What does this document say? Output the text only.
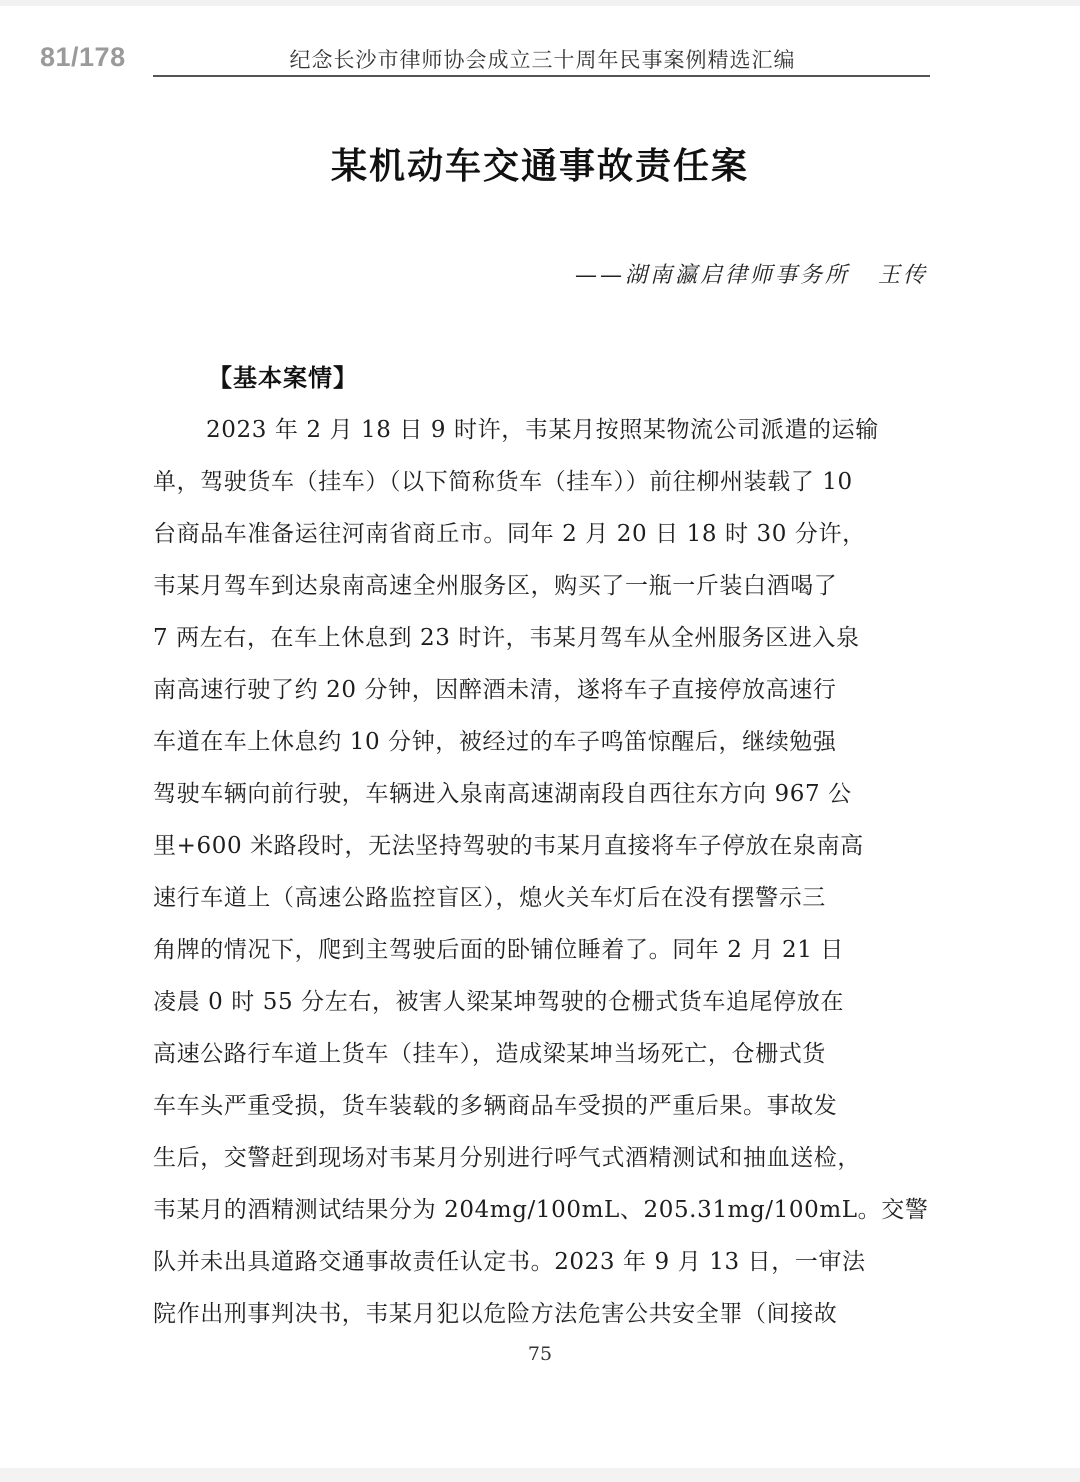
81/178	纪念长沙市律师协会成立三十周年民事案例精选汇编
某机动车交通事故责任案
——湖南瀛启律师事务所 王传
【基本案情】
2023 年 2 月 18 日 9 时许，韦某月按照某物流公司派遣的运输
单，驾驶货车（挂车）（以下简称货车（挂车））前往柳州装载了 10
台商品车准备运往河南省商丘市。同年 2 月 20 日 18 时 30 分许，
韦某月驾车到达泉南高速全州服务区，购买了一瓶一斤装白酒喝了
7 两左右，在车上休息到 23 时许，韦某月驾车从全州服务区进入泉
南高速行驶了约 20 分钟，因醉酒未清，遂将车子直接停放高速行
车道在车上休息约 10 分钟，被经过的车子鸣笛惊醒后，继续勉强
驾驶车辆向前行驶，车辆进入泉南高速湖南段自西往东方向 967 公
里+600 米路段时，无法坚持驾驶的韦某月直接将车子停放在泉南高
速行车道上（高速公路监控盲区），熄火关车灯后在没有摆警示三
角牌的情况下，爬到主驾驶后面的卧铺位睡着了。同年 2 月 21 日
凌晨 0 时 55 分左右，被害人梁某坤驾驶的仓栅式货车追尾停放在
高速公路行车道上货车（挂车），造成梁某坤当场死亡，仓栅式货
车车头严重受损，货车装载的多辆商品车受损的严重后果。事故发
生后，交警赶到现场对韦某月分别进行呼气式酒精测试和抽血送检，
韦某月的酒精测试结果分为 204mg/100mL、205.31mg/100mL。交警
队并未出具道路交通事故责任认定书。2023 年 9 月 13 日，一审法
院作出刑事判决书，韦某月犯以危险方法危害公共安全罪（间接故
75
